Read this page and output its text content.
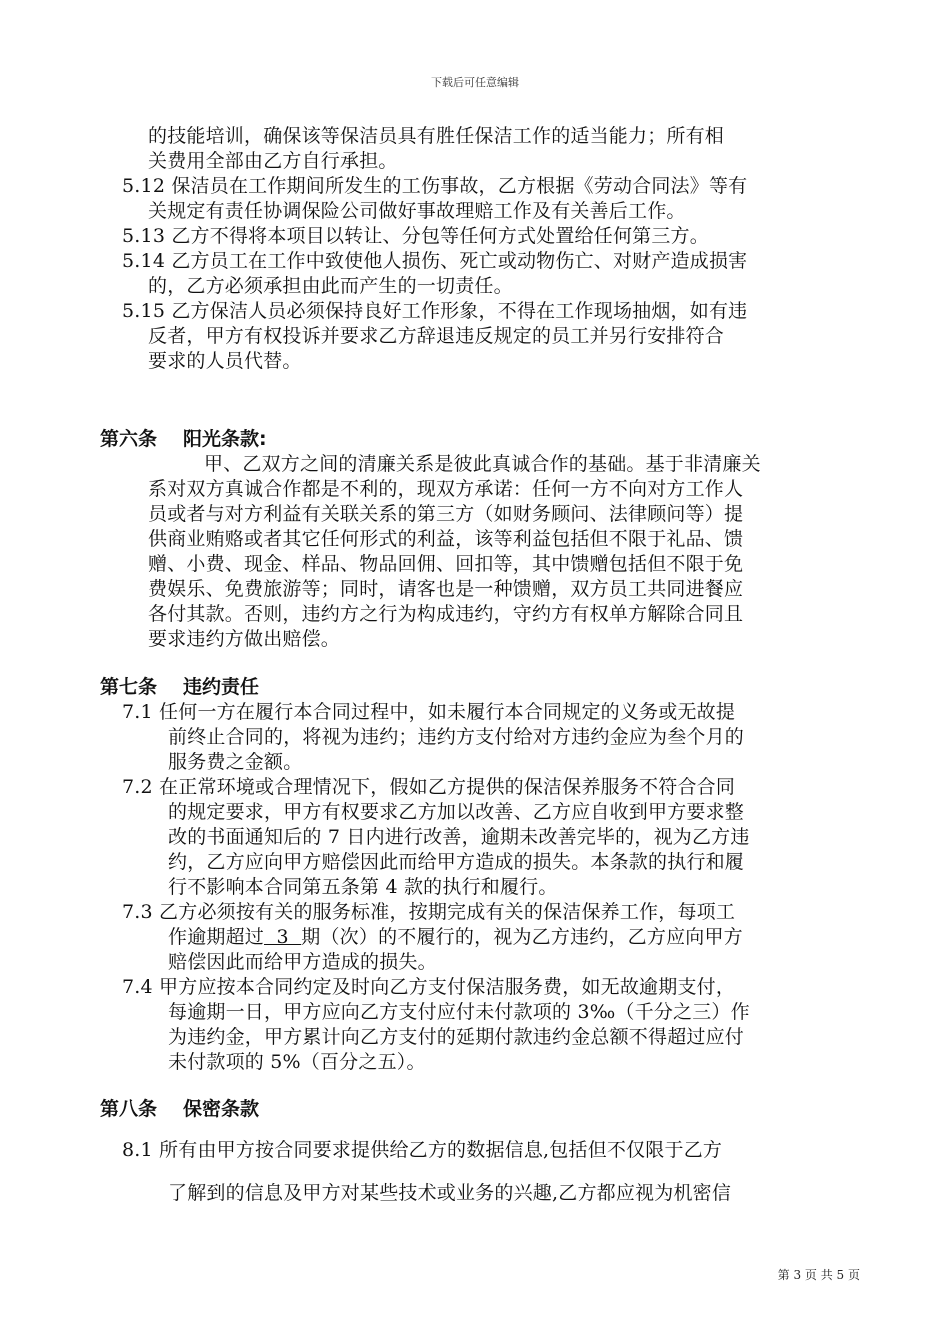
下载后可任意编辑
的技能培训，确保该等保洁员具有胜任保洁工作的适当能力；所有相
关费用全部由乙方自行承担。
5.12 保洁员在工作期间所发生的工伤事故，乙方根据《劳动合同法》等有
关规定有责任协调保险公司做好事故理赔工作及有关善后工作。
5.13 乙方不得将本项目以转让、分包等任何方式处置给任何第三方。
5.14 乙方员工在工作中致使他人损伤、死亡或动物伤亡、对财产造成损害
的，乙方必须承担由此而产生的一切责任。
5.15 乙方保洁人员必须保持良好工作形象，不得在工作现场抽烟，如有违
反者，甲方有权投诉并要求乙方辞退违反规定的员工并另行安排符合
要求的人员代替。
第六条 阳光条款:
甲、乙双方之间的清廉关系是彼此真诚合作的基础。基于非清廉关
系对双方真诚合作都是不利的，现双方承诺：任何一方不向对方工作人
员或者与对方利益有关联关系的第三方（如财务顾问、法律顾问等）提
供商业贿赂或者其它任何形式的利益，该等利益包括但不限于礼品、馈
赠、小费、现金、样品、物品回佣、回扣等，其中馈赠包括但不限于免
费娱乐、免费旅游等；同时，请客也是一种馈赠，双方员工共同进餐应
各付其款。否则，违约方之行为构成违约，守约方有权单方解除合同且
要求违约方做出赔偿。
第七条 违约责任
7.1 任何一方在履行本合同过程中，如未履行本合同规定的义务或无故提
前终止合同的，将视为违约；违约方支付给对方违约金应为叁个月的
服务费之金额。
7.2 在正常环境或合理情况下，假如乙方提供的保洁保养服务不符合合同
的规定要求，甲方有权要求乙方加以改善、乙方应自收到甲方要求整
改的书面通知后的 7 日内进行改善，逾期未改善完毕的，视为乙方违
约，乙方应向甲方赔偿因此而给甲方造成的损失。本条款的执行和履
行不影响本合同第五条第 4 款的执行和履行。
7.3 乙方必须按有关的服务标准，按期完成有关的保洁保养工作，每项工
作逾期超过  3  期（次）的不履行的，视为乙方违约，乙方应向甲方
赔偿因此而给甲方造成的损失。
7.4 甲方应按本合同约定及时向乙方支付保洁服务费，如无故逾期支付，
每逾期一日，甲方应向乙方支付应付未付款项的 3‰（千分之三）作
为违约金，甲方累计向乙方支付的延期付款违约金总额不得超过应付
未付款项的 5%（百分之五）。
第八条 保密条款
8.1 所有由甲方按合同要求提供给乙方的数据信息,包括但不仅限于乙方
了解到的信息及甲方对某些技术或业务的兴趣,乙方都应视为机密信
第 3 页 共 5 页
